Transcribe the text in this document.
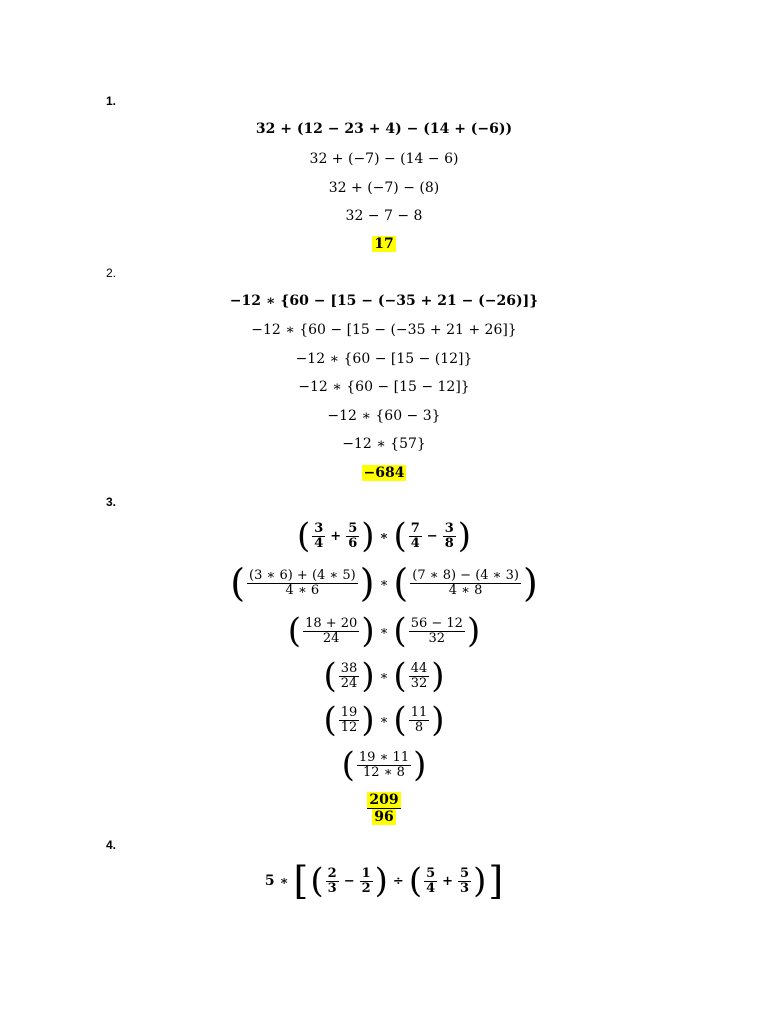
1.
32 + (12 − 23 + 4) − (14 + (−6))
32 + (−7) − (14 − 6)
32 + (−7) − (8)
32 − 7 − 8
17
2.
−12 ∗ {60 − [15 − (−35 + 21 − (−26)]}
−12 ∗ {60 − [15 − (−35 + 21 + 26]}
−12 ∗ {60 − [15 − (12]}
−12 ∗ {60 − [15 − 12]}
−12 ∗ {60 − 3}
−12 ∗ {57}
−684
3.
( $\frac{3}{4} + \frac{5}{6}$ ) ∗ ( $\frac{7}{4} - \frac{3}{8}$ )
( $\frac{(3 ∗ 6) + (4 ∗ 5)}{4 ∗ 6}$ ) ∗ ( $\frac{(7 ∗ 8) - (4 ∗ 3)}{4 ∗ 8}$ )
( $\frac{18 + 20}{24}$ ) ∗ ( $\frac{56 - 12}{32}$ )
( $\frac{38}{24}$ ) ∗ ( $\frac{44}{32}$ )
( $\frac{19}{12}$ ) ∗ ( $\frac{11}{8}$ )
( $\frac{19 ∗ 11}{12 ∗ 8}$ )
$\frac{209}{96}$
4.
5 ∗ [ ( $\frac{2}{3} - \frac{1}{2}$ ) ÷ ( $\frac{5}{4} + \frac{5}{3}$ ) ]
